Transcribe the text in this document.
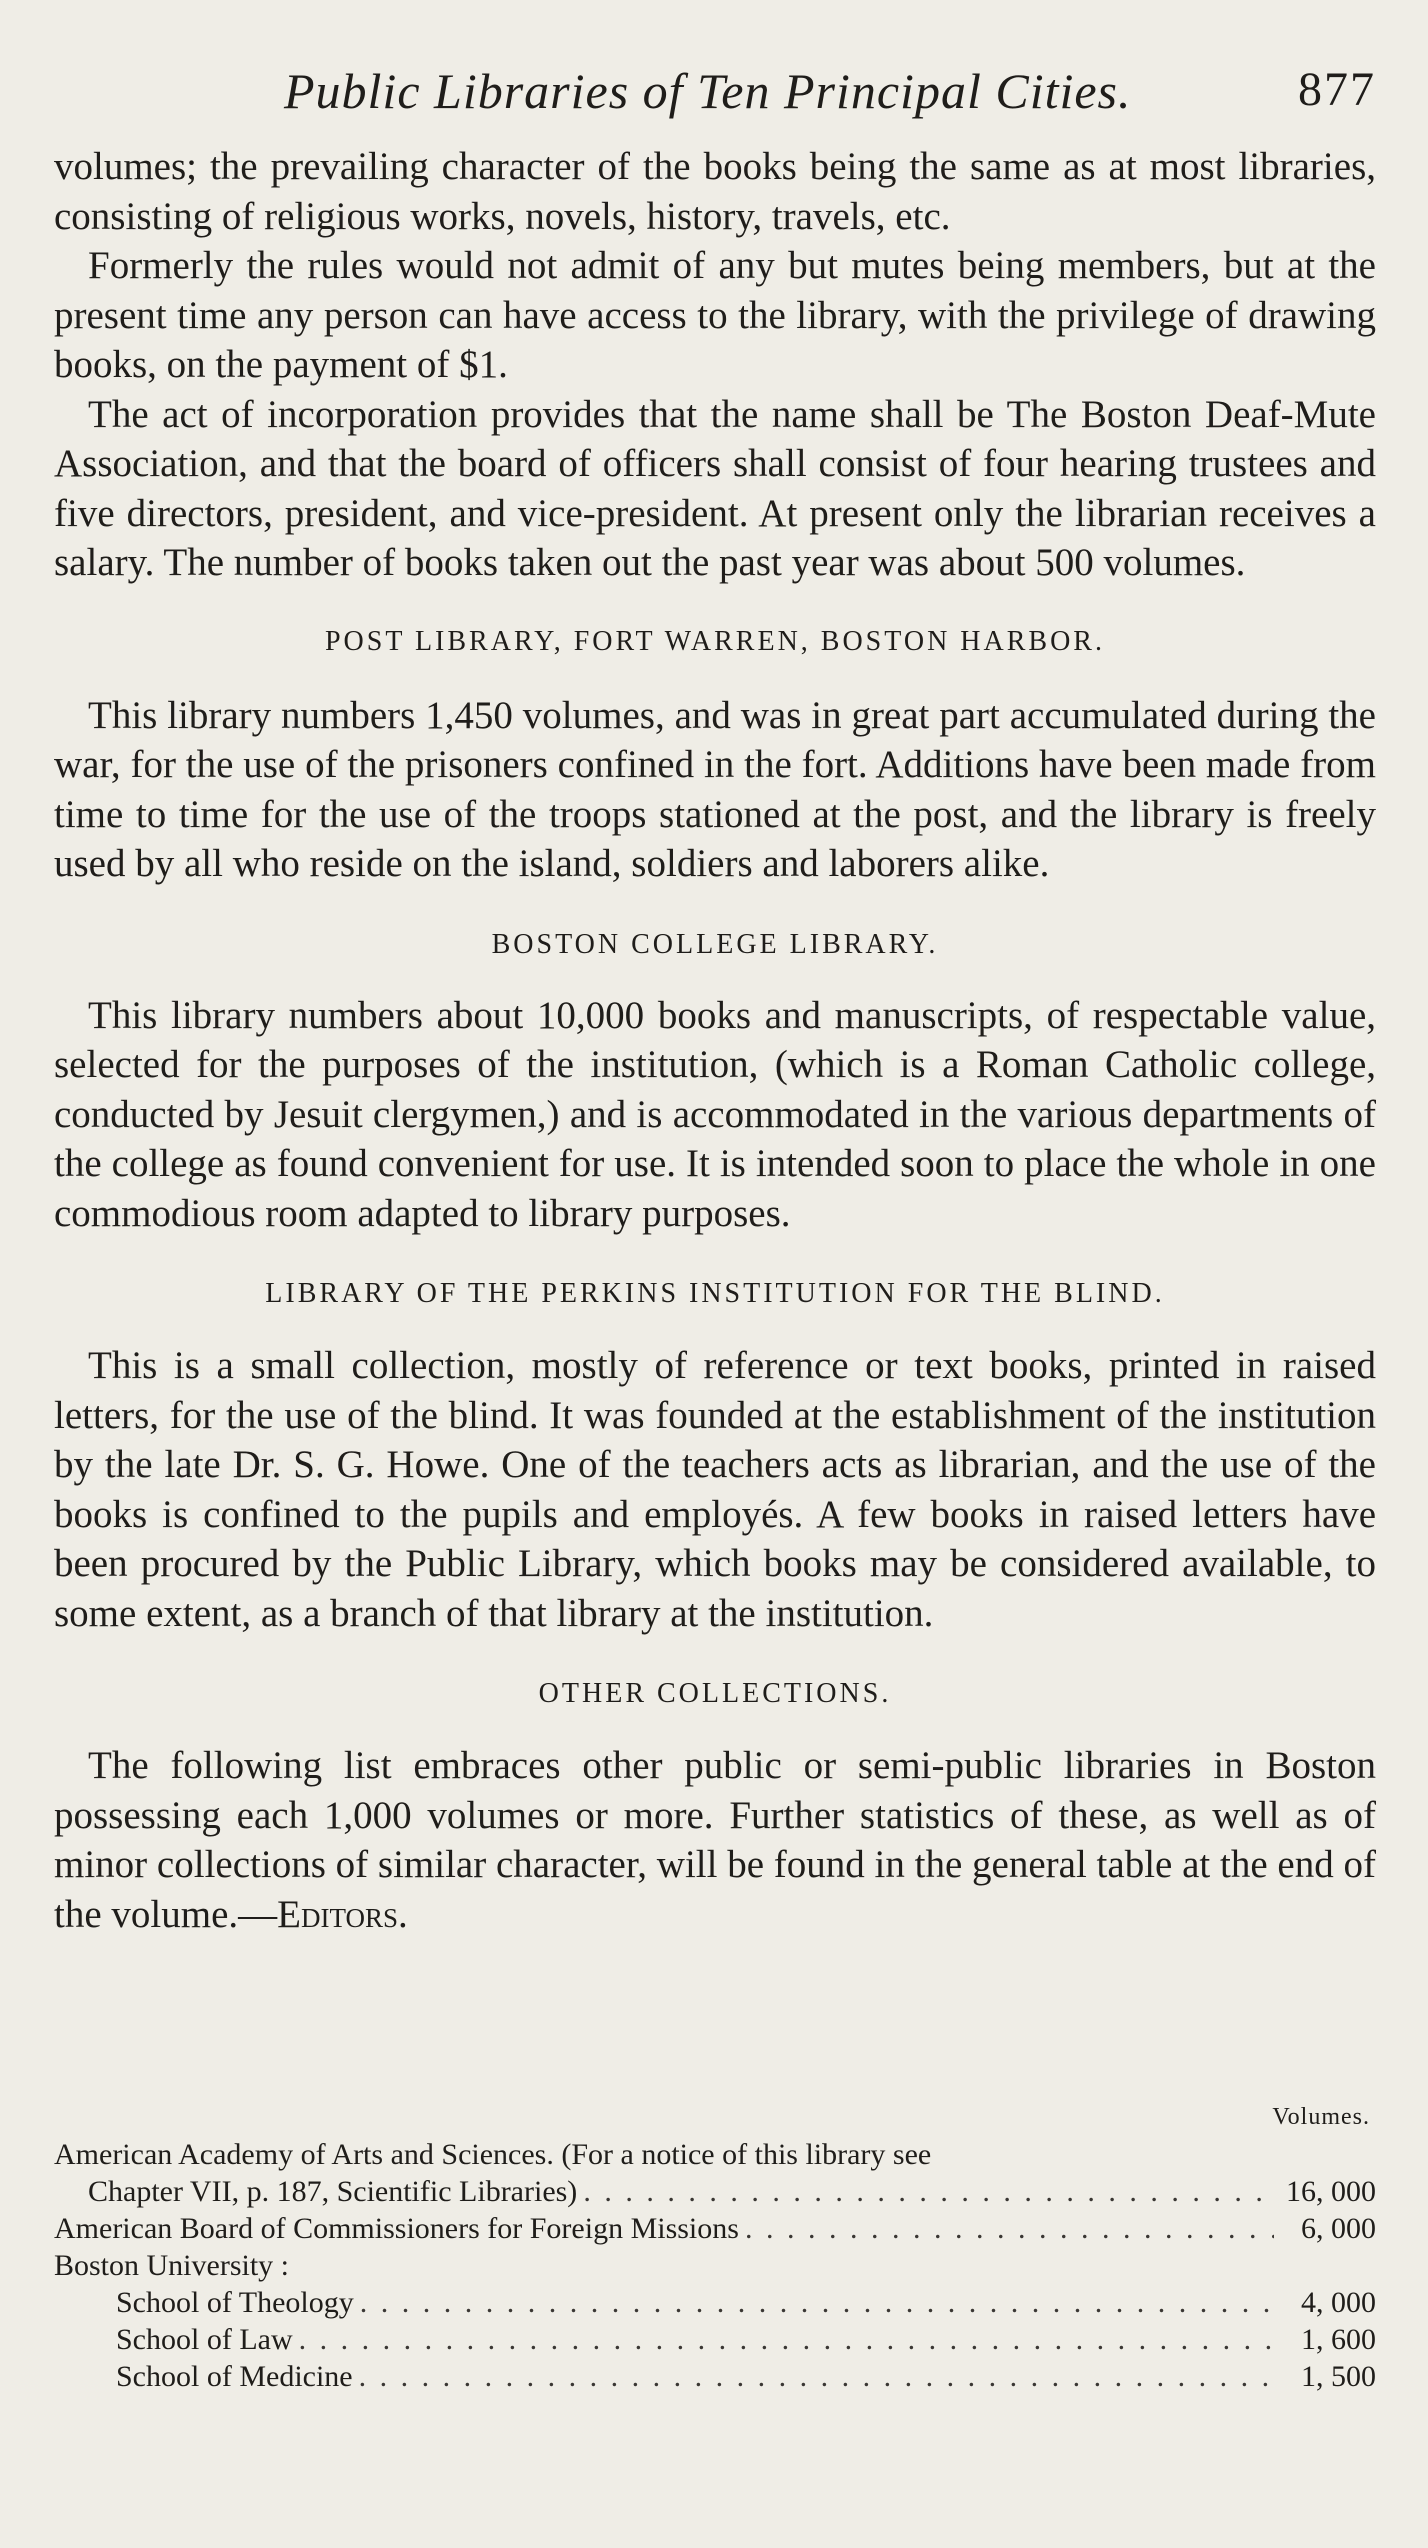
Public Libraries of Ten Principal Cities.	877

volumes; the prevailing character of the books being the same as at most libraries, consisting of religious works, novels, history, travels, etc.

Formerly the rules would not admit of any but mutes being members, but at the present time any person can have access to the library, with the privilege of drawing books, on the payment of $1.

The act of incorporation provides that the name shall be The Boston Deaf-Mute Association, and that the board of officers shall consist of four hearing trustees and five directors, president, and vice-president. At present only the librarian receives a salary. The number of books taken out the past year was about 500 volumes.

POST LIBRARY, FORT WARREN, BOSTON HARBOR.

This library numbers 1,450 volumes, and was in great part accumulated during the war, for the use of the prisoners confined in the fort. Additions have been made from time to time for the use of the troops stationed at the post, and the library is freely used by all who reside on the island, soldiers and laborers alike.

BOSTON COLLEGE LIBRARY.

This library numbers about 10,000 books and manuscripts, of respectable value, selected for the purposes of the institution, (which is a Roman Catholic college, conducted by Jesuit clergymen,) and is accommodated in the various departments of the college as found convenient for use. It is intended soon to place the whole in one commodious room adapted to library purposes.

LIBRARY OF THE PERKINS INSTITUTION FOR THE BLIND.

This is a small collection, mostly of reference or text books, printed in raised letters, for the use of the blind. It was founded at the establishment of the institution by the late Dr. S. G. Howe. One of the teachers acts as librarian, and the use of the books is confined to the pupils and employés. A few books in raised letters have been procured by the Public Library, which books may be considered available, to some extent, as a branch of that library at the institution.

OTHER COLLECTIONS.

The following list embraces other public or semi-public libraries in Boston possessing each 1,000 volumes or more. Further statistics of these, as well as of minor collections of similar character, will be found in the general table at the end of the volume.—Editors.

Volumes.
American Academy of Arts and Sciences. (For a notice of this library see
Chapter VII, p. 187, Scientific Libraries) . . .	16, 000
American Board of Commissioners for Foreign Missions . . .	6, 000
Boston University :
School of Theology . . .	4, 000
School of Law . . .	1, 600
School of Medicine . . .	1, 500
